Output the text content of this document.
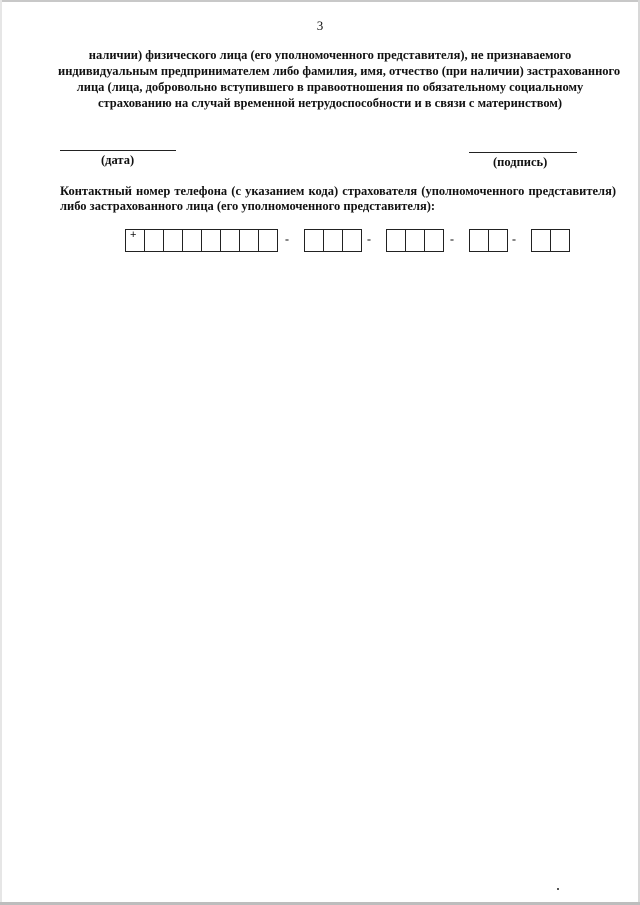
3
наличии) физического лица (его уполномоченного представителя), не признаваемого
индивидуальным предпринимателем либо фамилия, имя, отчество (при наличии) застрахованного
лица (лица, добровольно вступившего в правоотношения по обязательному социальному
страхованию на случай временной нетрудоспособности и в связи с материнством)
(дата)	(подпись)
Контактный номер телефона (с указанием кода) страхователя (уполномоченного представителя)
либо застрахованного лица (его уполномоченного представителя):
+	-	-	-	-
